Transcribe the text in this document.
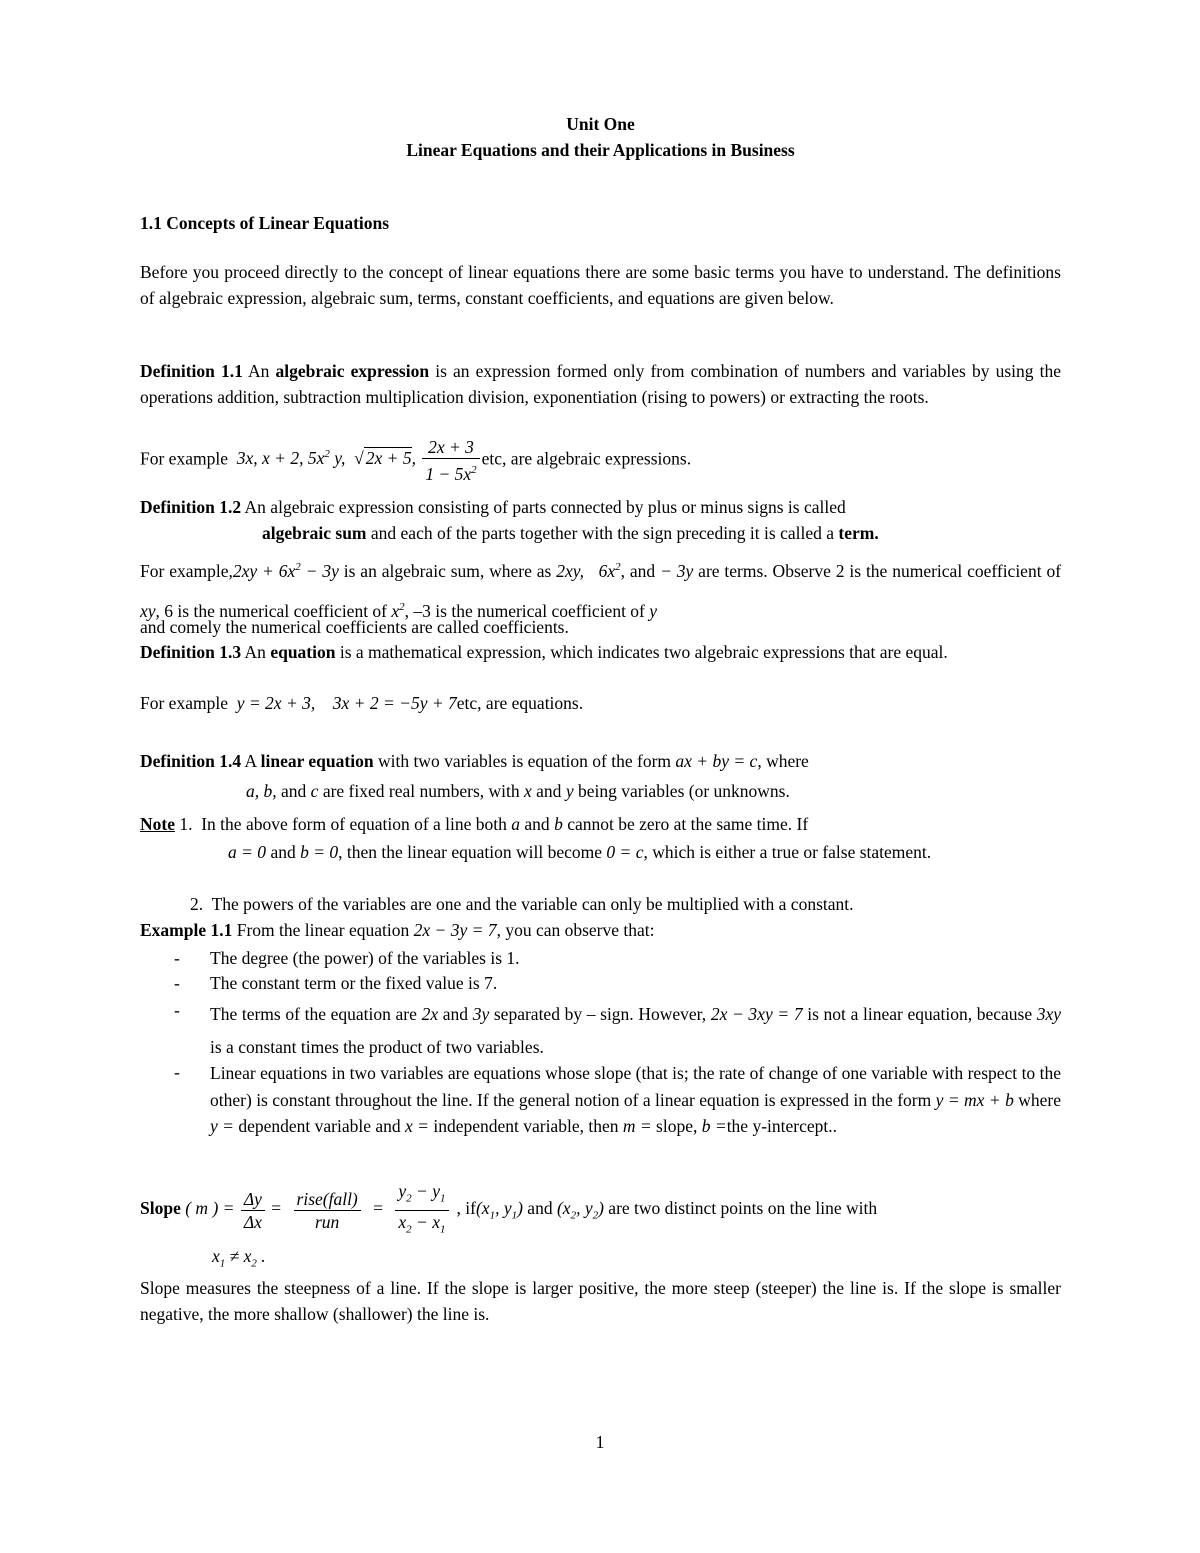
Unit One

Linear Equations and their Applications in Business

1.1 Concepts of Linear Equations

Before you proceed directly to the concept of linear equations there are some basic terms you have to understand. The definitions of algebraic expression, algebraic sum, terms, constant coefficients, and equations are given below.

Definition 1.1 An algebraic expression is an expression formed only from combination of numbers and variables by using the operations addition, subtraction multiplication division, exponentiation (rising to powers) or extracting the roots.

For example 3x, x + 2, $5x^2$ y,  √ 2x + 5, $\frac{2x + 3}{1 - 5x^2}$ etc, are algebraic expressions.

Definition 1.2 An algebraic expression consisting of parts connected by plus or minus signs is called
algebraic sum and each of the parts together with the sign preceding it is called a term.

For example,2xy + $6x^2 - 3y$ is an algebraic sum, where as 2xy,   $6x^2$, and − 3y are terms. Observe 2 is the numerical coefficient of xy, 6 is the numerical coefficient of $x^2$, –3 is the numerical coefficient of y

and comely the numerical coefficients are called coefficients.

Definition 1.3 An equation is a mathematical expression, which indicates two algebraic expressions that are equal.

For example y = 2x + 3,    3x + 2 = −5y + 7etc, are equations.

Definition 1.4 A linear equation with two variables is equation of the form ax + by = c, where
a, b, and c are fixed real numbers, with x and y being variables (or unknowns.

Note 1. In the above form of equation of a line both a and b cannot be zero at the same time. If
a = 0 and b = 0, then the linear equation will become 0 = c, which is either a true or false statement.
2. The powers of the variables are one and the variable can only be multiplied with a constant.
Example 1.1 From the linear equation 2x − 3y = 7, you can observe that:
- The degree (the power) of the variables is 1.
- The constant term or the fixed value is 7.
- The terms of the equation are 2x and 3y separated by – sign. However, 2x − 3xy = 7 is not a linear equation, because 3xy is a constant times the product of two variables.
- Linear equations in two variables are equations whose slope (that is; the rate of change of one variable with respect to the other) is constant throughout the line. If the general notion of a linear equation is expressed in the form y = mx + b where y = dependent variable and x = independent variable, then m = slope, b =the y-intercept..
Slope ( m ) = $\frac{\Delta y}{\Delta x} = \frac{\text{rise(fall)}}{\text{run}} = \frac{y_2 - y_1}{x_2 - x_1}$ , $if(x_1$, $y_1$) and ($x_2$, $y_2$) are two distinct points on the line with
$x_1 \ne x_2$ .

Slope measures the steepness of a line. If the slope is larger positive, the more steep (steeper) the line is. If the slope is smaller negative, the more shallow (shallower) the line is.

1
